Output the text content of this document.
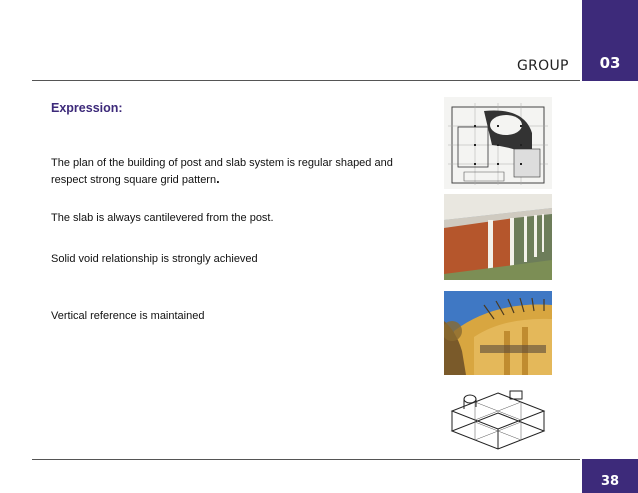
03
GROUP
Expression:
The plan of the building of post and slab system is regular shaped and
respect strong square grid pattern.
The slab is always cantilevered from the post.
Solid void relationship is strongly achieved
Vertical reference is maintained
38
